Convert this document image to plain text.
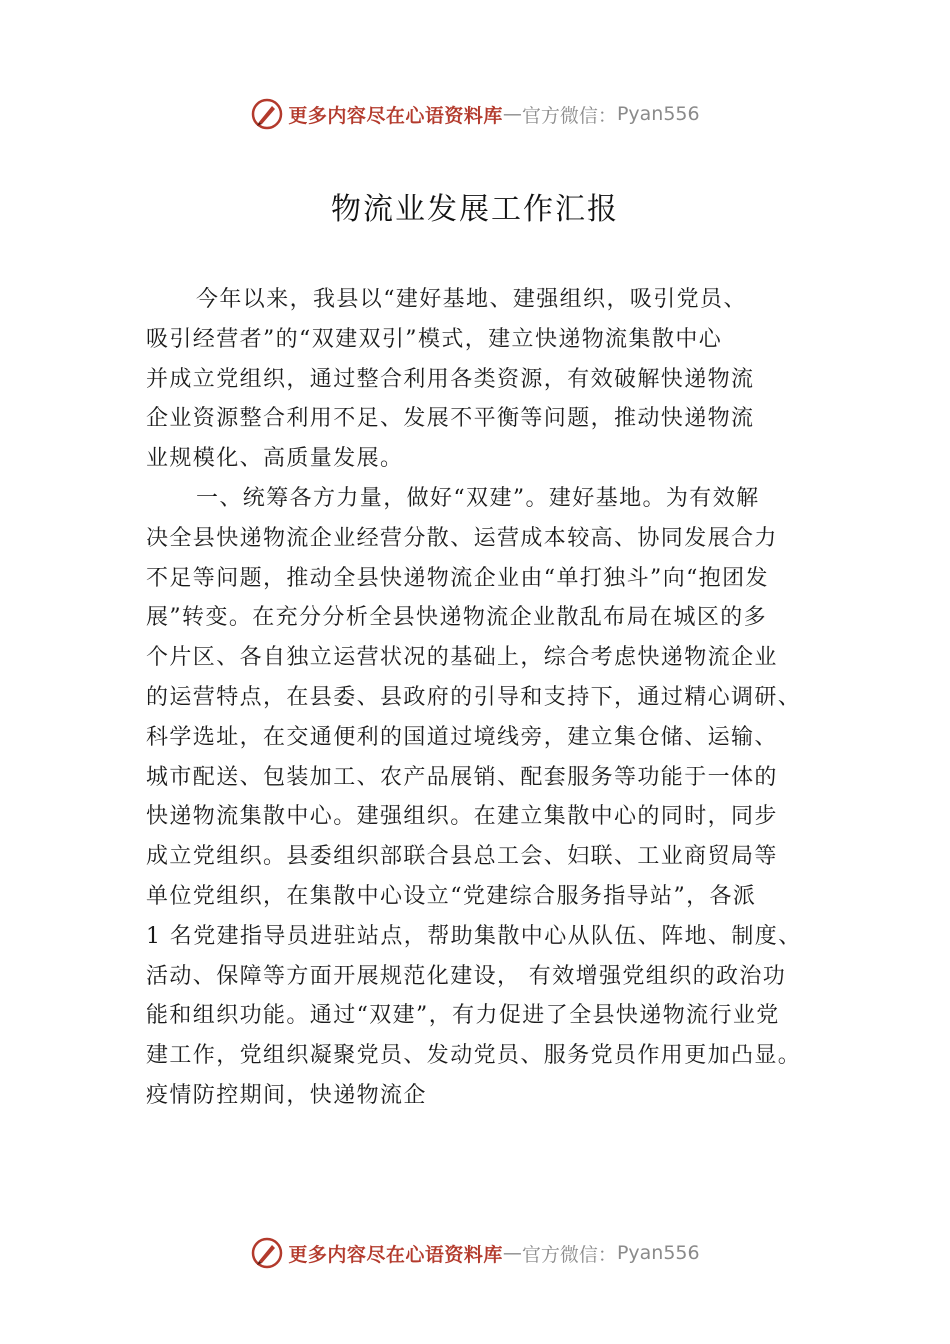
更多内容尽在心语资料库 — 官方微信： Pyan556
物流业发展工作汇报
今年以来，我县以“建好基地、建强组织，吸引党员、
吸引经营者”的“双建双引”模式，建立快递物流集散中心
并成立党组织，通过整合利用各类资源，有效破解快递物流
企业资源整合利用不足、发展不平衡等问题，推动快递物流
业规模化、高质量发展。
一、统筹各方力量，做好“双建”。建好基地。为有效解
决全县快递物流企业经营分散、运营成本较高、协同发展合力
不足等问题，推动全县快递物流企业由“单打独斗”向“抱团发
展”转变。在充分分析全县快递物流企业散乱布局在城区的多
个片区、各自独立运营状况的基础上，综合考虑快递物流企业
的运营特点，在县委、县政府的引导和支持下，通过精心调研、
科学选址，在交通便利的国道过境线旁，建立集仓储、运输、
城市配送、包装加工、农产品展销、配套服务等功能于一体的
快递物流集散中心。建强组织。在建立集散中心的同时，同步
成立党组织。县委组织部联合县总工会、妇联、工业商贸局等
单位党组织，在集散中心设立“党建综合服务指导站”，各派
1 名党建指导员进驻站点，帮助集散中心从队伍、阵地、制度、
活动、保障等方面开展规范化建设， 有效增强党组织的政治功
能和组织功能。通过“双建”，有力促进了全县快递物流行业党
建工作，党组织凝聚党员、发动党员、服务党员作用更加凸显。
疫情防控期间，快递物流企
更多内容尽在心语资料库 — 官方微信： Pyan556
